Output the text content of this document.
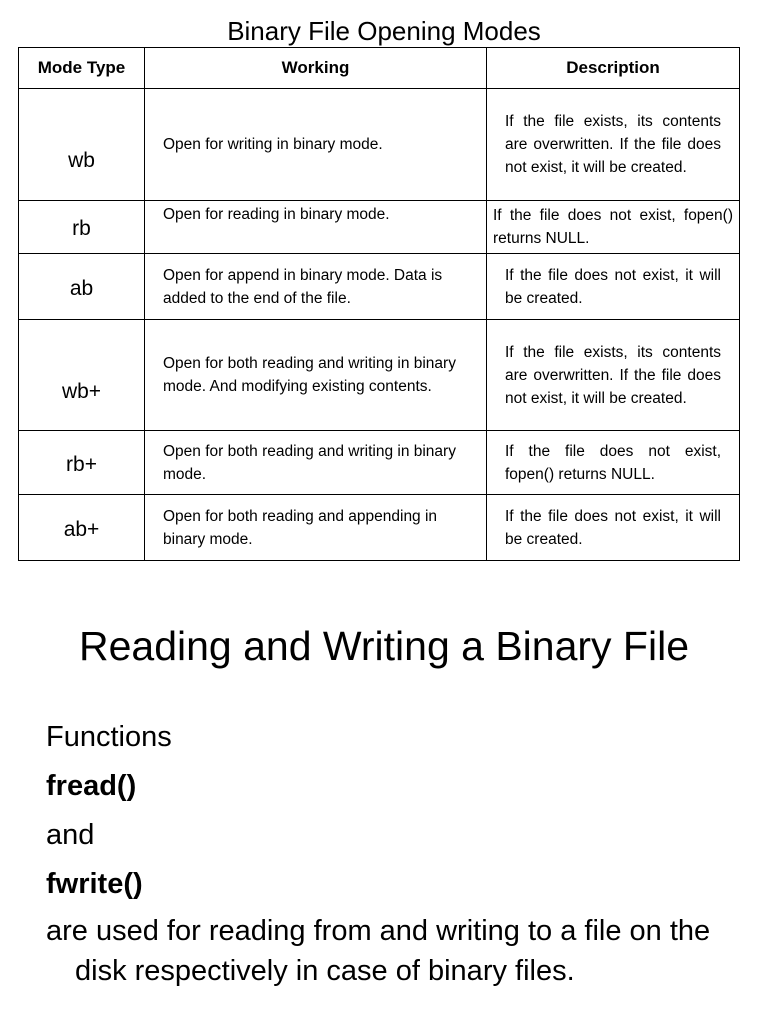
Binary File Opening Modes
Mode Type	Working	Description
wb	Open for writing in binary mode.	If the file exists, its contents are overwritten. If the file does not exist, it will be created.
rb	Open for reading in binary mode.	If the file does not exist, fopen() returns NULL.
ab	Open for append in binary mode. Data is added to the end of the file.	If the file does not exist, it will be created.
wb+	Open for both reading and writing in binary mode. And modifying existing contents.	If the file exists, its contents are overwritten. If the file does not exist, it will be created.
rb+	Open for both reading and writing in binary mode.	If the file does not exist, fopen() returns NULL.
ab+	Open for both reading and appending in binary mode.	If the file does not exist, it will be created.
Reading and Writing a Binary File

Functions

fread()

and

fwrite()

are used for reading from and writing to a file on the disk respectively in case of binary files.
